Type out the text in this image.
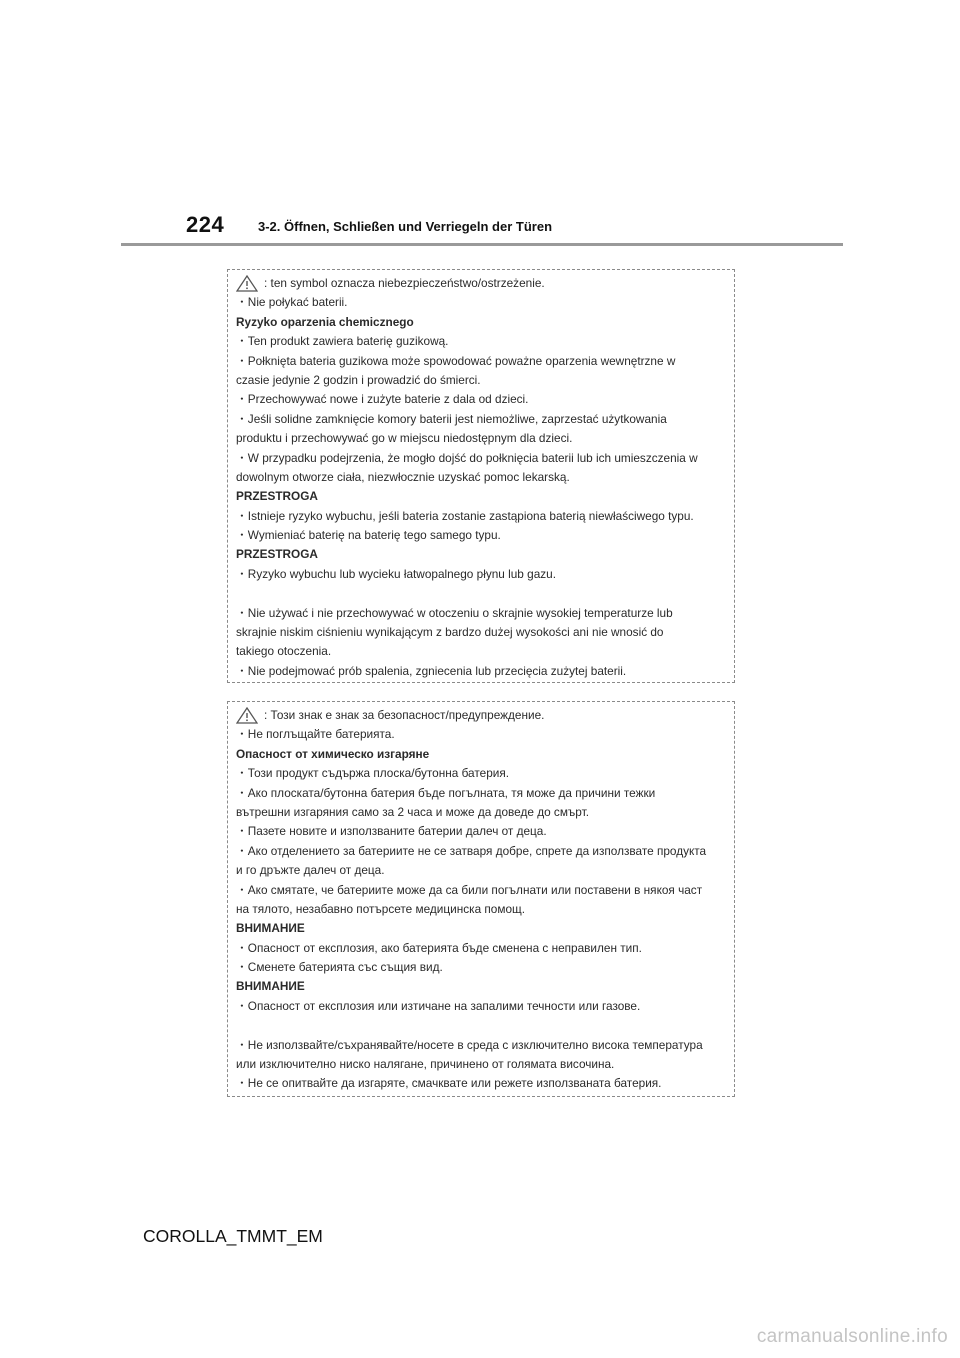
224	3-2. Öffnen, Schließen und Verriegeln der Türen
: ten symbol oznacza niebezpieczeństwo/ostrzeżenie.
・Nie połykać baterii.
Ryzyko oparzenia chemicznego
・Ten produkt zawiera baterię guzikową.
・Połknięta bateria guzikowa może spowodować poważne oparzenia wewnętrzne w
czasie jedynie 2 godzin i prowadzić do śmierci.
・Przechowywać nowe i zużyte baterie z dala od dzieci.
・Jeśli solidne zamknięcie komory baterii jest niemożliwe, zaprzestać użytkowania
produktu i przechowywać go w miejscu niedostępnym dla dzieci.
・W przypadku podejrzenia, że mogło dojść do połknięcia baterii lub ich umieszczenia w
dowolnym otworze ciała, niezwłocznie uzyskać pomoc lekarską.
PRZESTROGA
・Istnieje ryzyko wybuchu, jeśli bateria zostanie zastąpiona baterią niewłaściwego typu.
・Wymieniać baterię na baterię tego samego typu.
PRZESTROGA
・Ryzyko wybuchu lub wycieku łatwopalnego płynu lub gazu.
・Nie używać i nie przechowywać w otoczeniu o skrajnie wysokiej temperaturze lub
skrajnie niskim ciśnieniu wynikającym z bardzo dużej wysokości ani nie wnosić do
takiego otoczenia.
・Nie podejmować prób spalenia, zgniecenia lub przecięcia zużytej baterii.
: Този знак е знак за безопасност/предупреждение.
・Не поглъщайте батерията.
Опасност от химическо изгаряне
・Този продукт съдържа плоска/бутонна батерия.
・Ако плоската/бутонна батерия бъде погълната, тя може да причини тежки
вътрешни изгаряния само за 2 часа и може да доведе до смърт.
・Пазете новите и използваните батерии далеч от деца.
・Ако отделението за батериите не се затваря добре, спрете да използвате продукта
и го дръжте далеч от деца.
・Ако смятате, че батериите може да са били погълнати или поставени в някоя част
на тялото, незабавно потърсете медицинска помощ.
ВНИМАНИЕ
・Опасност от експлозия, ако батерията бъде сменена с неправилен тип.
・Сменете батерията със същия вид.
ВНИМАНИЕ
・Опасност от експлозия или изтичане на запалими течности или газове.
・Не използвайте/съхранявайте/носете в среда с изключително висока температура
или изключително ниско налягане, причинено от голямата височина.
・Не се опитвайте да изгаряте, смачквате или режете използваната батерия.
COROLLA_TMMT_EM
carmanualsonline.info
